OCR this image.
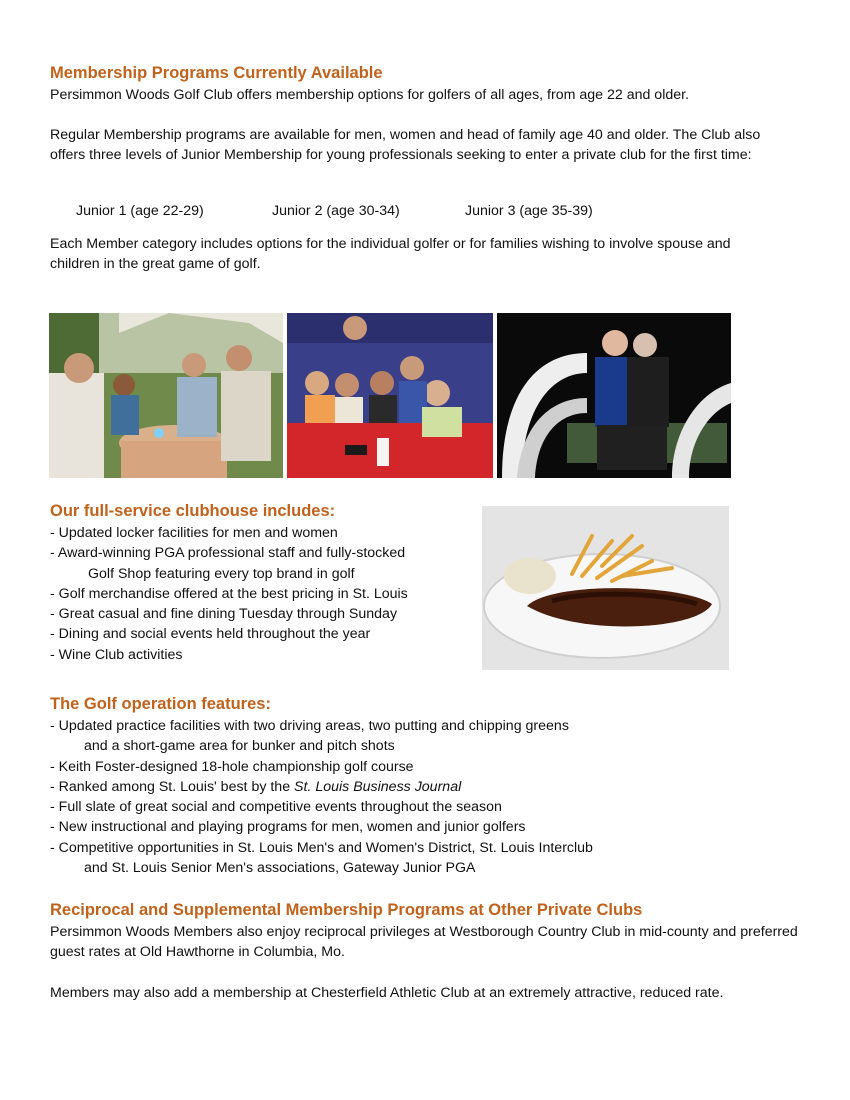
Membership Programs Currently Available
Persimmon Woods Golf Club offers membership options for golfers of all ages, from age 22 and older.
Regular Membership programs are available for men, women and head of family age 40 and older. The Club also offers three levels of Junior Membership for young professionals seeking to enter a private club for the first time:
Junior 1 (age 22-29)	Junior 2 (age 30-34)	Junior 3 (age 35-39)
Each Member category includes options for the individual golfer or for families wishing to involve spouse and children in the great game of golf.
Our full-service clubhouse includes:
- Updated locker facilities for men and women
- Award-winning PGA professional staff and fully-stocked
Golf Shop featuring every top brand in golf
- Golf merchandise offered at the best pricing in St. Louis
- Great casual and fine dining Tuesday through Sunday
- Dining and social events held throughout the year
- Wine Club activities
The Golf operation features:
- Updated practice facilities with two driving areas, two putting and chipping greens
and a short-game area for bunker and pitch shots
- Keith Foster-designed 18-hole championship golf course
- Ranked among St. Louis' best by the St. Louis Business Journal
- Full slate of great social and competitive events throughout the season
- New instructional and playing programs for men, women and junior golfers
- Competitive opportunities in St. Louis Men's and Women's District, St. Louis Interclub
and St. Louis Senior Men's associations, Gateway Junior PGA
Reciprocal and Supplemental Membership Programs at Other Private Clubs
Persimmon Woods Members also enjoy reciprocal privileges at Westborough Country Club in mid-county and preferred guest rates at Old Hawthorne in Columbia, Mo.
Members may also add a membership at Chesterfield Athletic Club at an extremely attractive, reduced rate.
